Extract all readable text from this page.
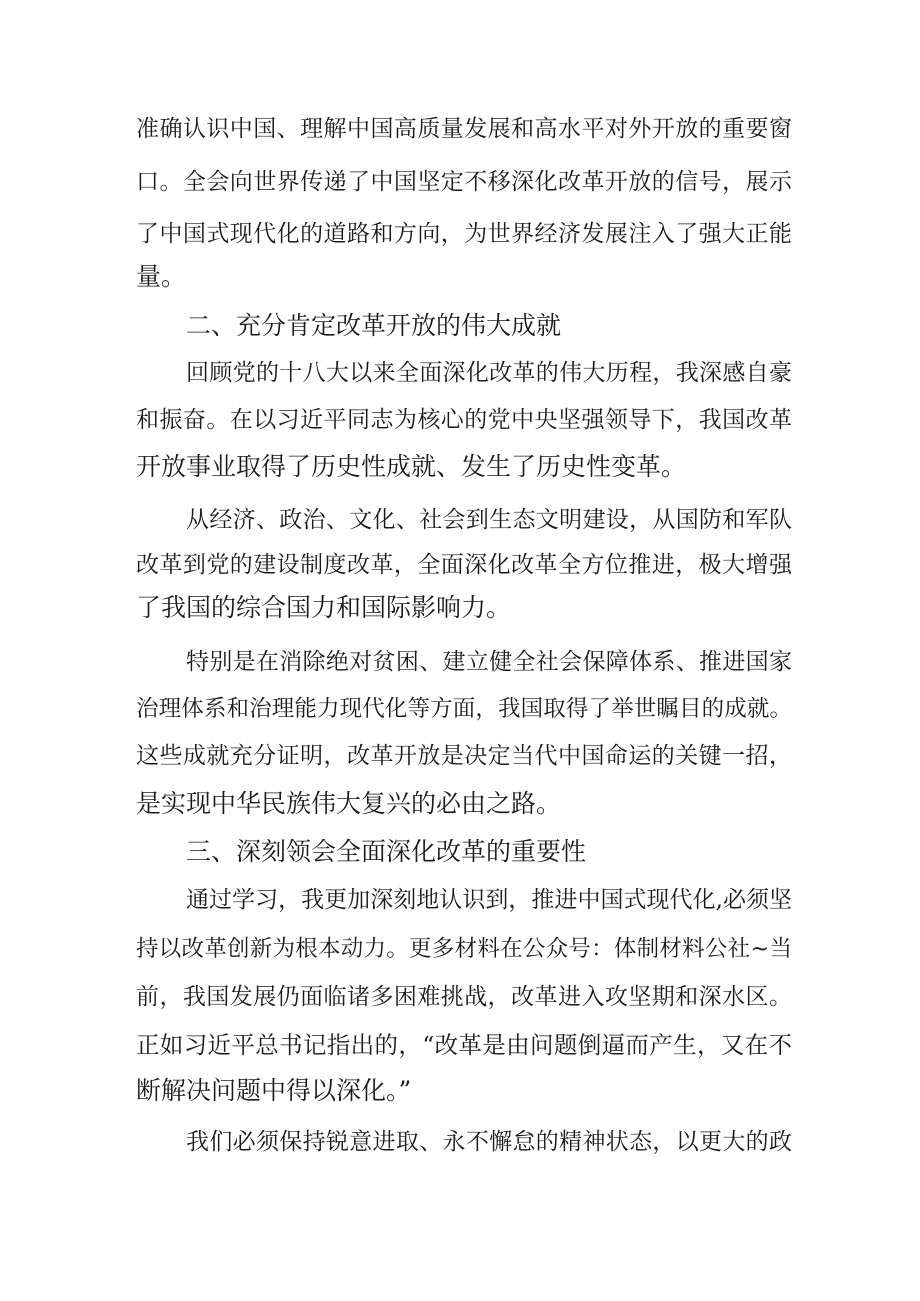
准确认识中国、理解中国高质量发展和高水平对外开放的重要窗
口。全会向世界传递了中国坚定不移深化改革开放的信号，展示
了中国式现代化的道路和方向，为世界经济发展注入了强大正能
量。
二、充分肯定改革开放的伟大成就
回顾党的十八大以来全面深化改革的伟大历程，我深感自豪
和振奋。在以习近平同志为核心的党中央坚强领导下，我国改革
开放事业取得了历史性成就、发生了历史性变革。
从经济、政治、文化、社会到生态文明建设，从国防和军队
改革到党的建设制度改革，全面深化改革全方位推进，极大增强
了我国的综合国力和国际影响力。
特别是在消除绝对贫困、建立健全社会保障体系、推进国家
治理体系和治理能力现代化等方面，我国取得了举世瞩目的成就。
这些成就充分证明，改革开放是决定当代中国命运的关键一招，
是实现中华民族伟大复兴的必由之路。
三、深刻领会全面深化改革的重要性
通过学习，我更加深刻地认识到，推进中国式现代化,必须坚
持以改革创新为根本动力。更多材料在公众号：体制材料公社~当
前，我国发展仍面临诸多困难挑战，改革进入攻坚期和深水区。
正如习近平总书记指出的，“改革是由问题倒逼而产生，又在不
断解决问题中得以深化。”
我们必须保持锐意进取、永不懈怠的精神状态，以更大的政
